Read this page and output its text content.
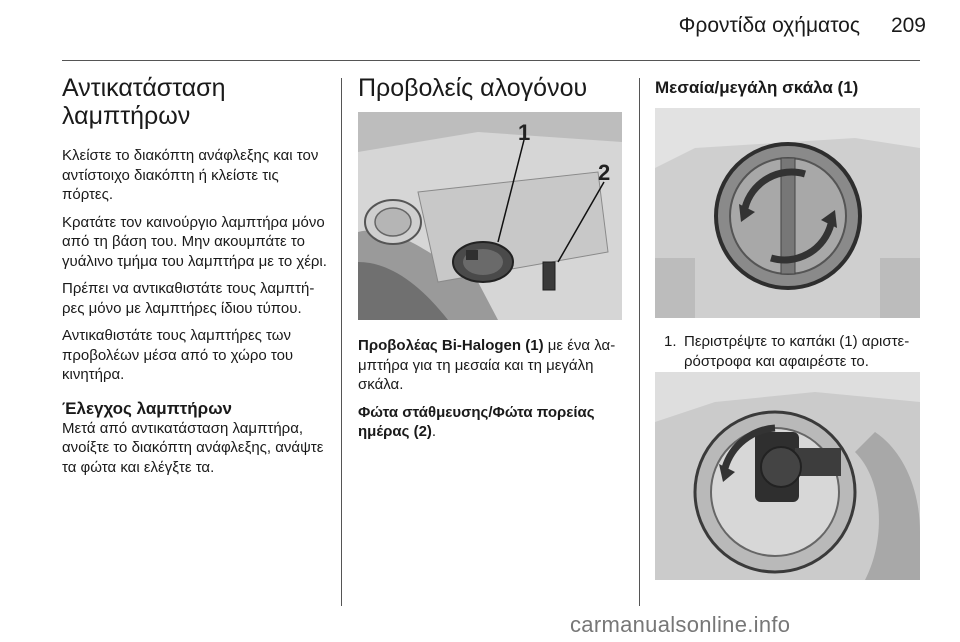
Φροντίδα οχήματος	209
Αντικατάσταση λαμπτήρων

Κλείστε το διακόπτη ανάφλεξης και τον αντίστοιχο διακόπτη ή κλείστε τις πόρτες.

Κρατάτε τον καινούργιο λαμπτήρα μόνο από τη βάση του. Μην ακουμπάτε το γυάλινο τμήμα του λαμπτήρα με το χέρι.

Πρέπει να αντικαθιστάτε τους λαμπτήρες μόνο με λαμπτήρες ίδιου τύπου.

Αντικαθιστάτε τους λαμπτήρες των προβολέων μέσα από το χώρο του κινητήρα.

Έλεγχος λαμπτήρων

Μετά από αντικατάσταση λαμπτήρα, ανοίξτε το διακόπτη ανάφλεξης, ανάψτε τα φώτα και ελέγξτε τα.

Προβολείς αλογόνου
1
2

Προβολέας Bi-Halogen (1) με ένα λαμπτήρα για τη μεσαία και τη μεγάλη σκάλα.

Φώτα στάθμευσης/Φώτα πορείας ημέρας (2).

Μεσαία/μεγάλη σκάλα (1)
1. Περιστρέψτε το καπάκι (1) αριστερόστροφα και αφαιρέστε το.
carmanualsonline.info
